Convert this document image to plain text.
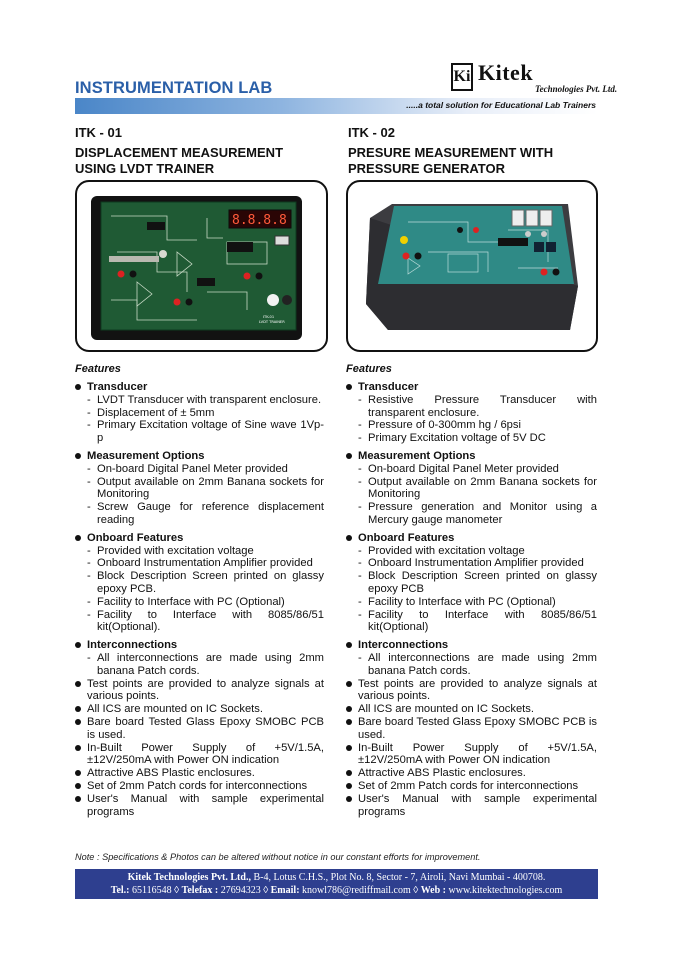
INSTRUMENTATION LAB
Ki Kitek
Technologies Pvt. Ltd.
.....a total solution for Educational Lab Trainers
ITK - 01
DISPLACEMENT MEASUREMENT
USING LVDT TRAINER
ITK - 02
PRESURE MEASUREMENT WITH
PRESSURE GENERATOR
8.8.8.8
ITK-01
LVDT TRAINER
Features
Transducer
- LVDT Transducer with transparent enclosure.
- Displacement of ± 5mm
- Primary Excitation voltage of Sine wave 1Vp-p
Measurement Options
- On-board Digital Panel Meter provided
- Output available on 2mm Banana sockets for Monitoring
- Screw Gauge for reference displacement reading
Onboard Features
- Provided with excitation voltage
- Onboard Instrumentation Amplifier provided
- Block Description Screen printed on glassy epoxy PCB.
- Facility to Interface with PC (Optional)
- Facility to Interface with 8085/86/51 kit(Optional).
Interconnections
- All interconnections are made using 2mm banana Patch cords.
Test points are provided to analyze signals at various points.
All ICS are mounted on IC Sockets.
Bare board Tested Glass Epoxy SMOBC PCB is used.
In-Built Power Supply of +5V/1.5A, ±12V/250mA with Power ON indication
Attractive ABS Plastic enclosures.
Set of 2mm Patch cords for interconnections
User's Manual with sample experimental programs
Features
Transducer
- Resistive Pressure Transducer with transparent enclosure.
- Pressure of 0-300mm hg / 6psi
- Primary Excitation voltage of 5V DC
Measurement Options
- On-board Digital Panel Meter provided
- Output available on 2mm Banana sockets for Monitoring
- Pressure generation and Monitor using a Mercury gauge manometer
Onboard Features
- Provided with excitation voltage
- Onboard Instrumentation Amplifier provided
- Block Description Screen printed on glassy epoxy PCB
- Facility to Interface with PC (Optional)
- Facility to Interface with 8085/86/51 kit(Optional)
Interconnections
- All interconnections are made using 2mm banana Patch cords.
Test points are provided to analyze signals at various points.
All ICS are mounted on IC Sockets.
Bare board Tested Glass Epoxy SMOBC PCB is used.
In-Built Power Supply of +5V/1.5A, ±12V/250mA with Power ON indication
Attractive ABS Plastic enclosures.
Set of 2mm Patch cords for interconnections
User's Manual with sample experimental programs
Note : Specifications & Photos can be altered without notice in our constant efforts for improvement.
Kitek Technologies Pvt. Ltd., B-4, Lotus C.H.S., Plot No. 8, Sector - 7, Airoli, Navi Mumbai - 400708.
Tel.: 65116548 ◊ Telefax : 27694323 ◊ Email: knowl786@rediffmail.com ◊ Web : www.kitektechnologies.com
